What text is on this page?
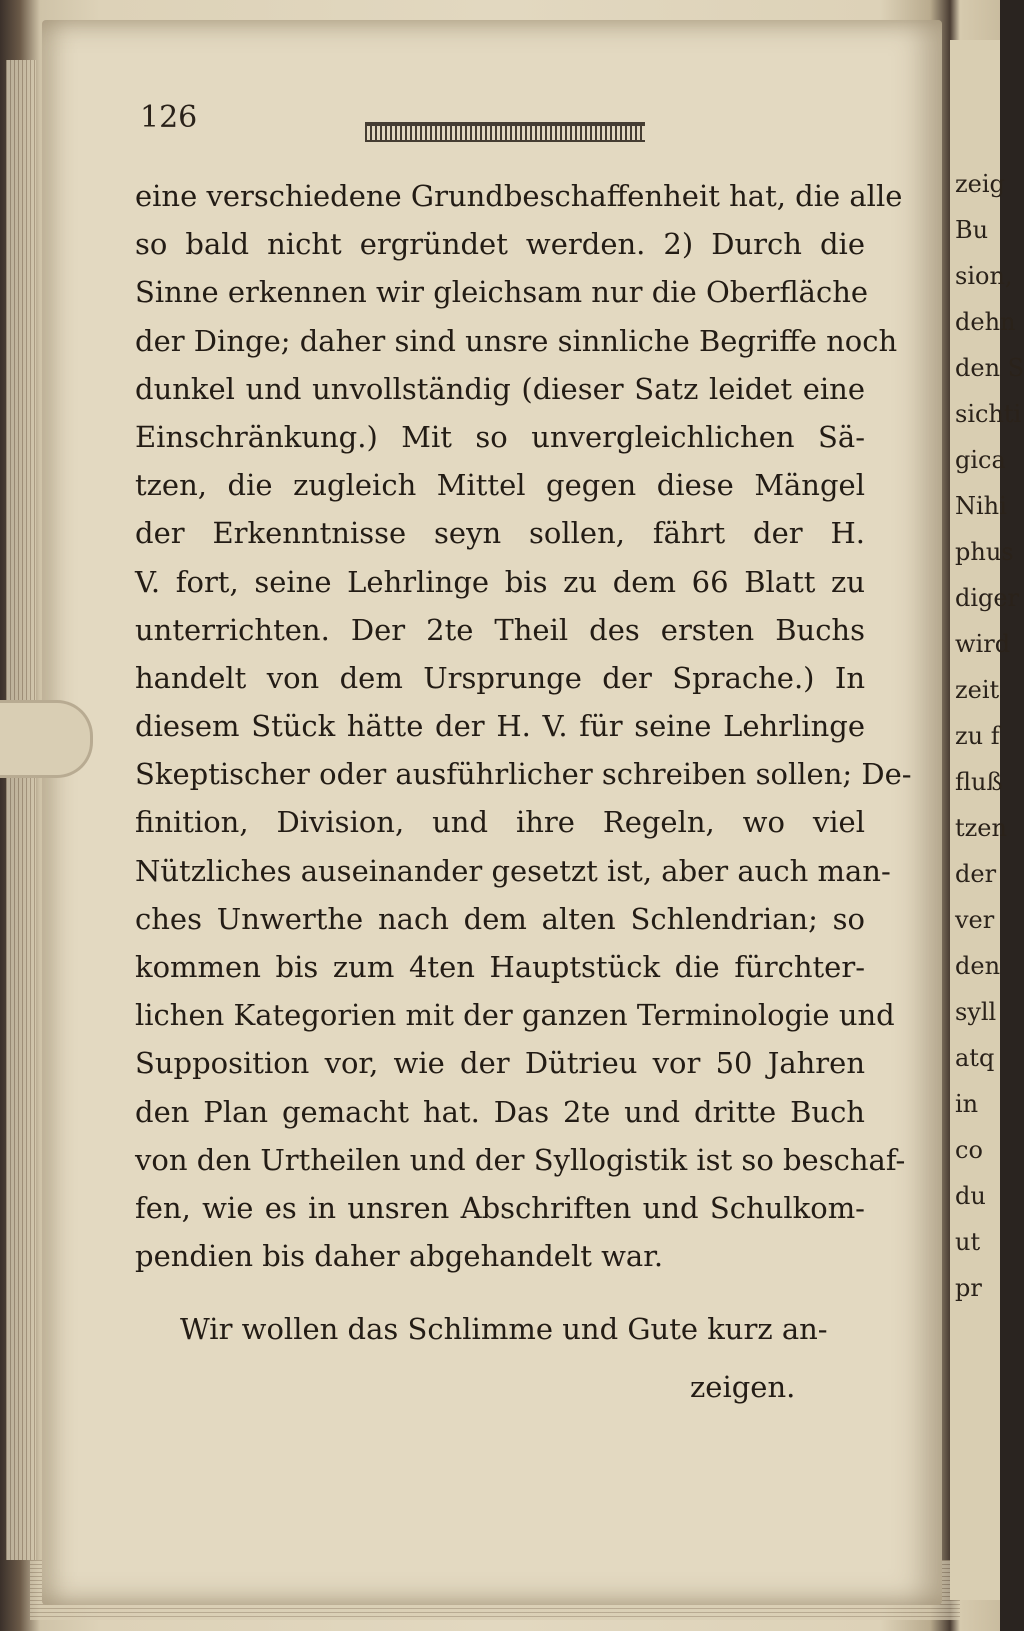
126
eine verschiedene Grundbeschaffenheit hat, die alle
so bald nicht ergründet werden. 2) Durch die
Sinne erkennen wir gleichsam nur die Oberfläche
der Dinge; daher sind unsre sinnliche Begriffe noch
dunkel und unvollständig (dieser Satz leidet eine
Einschränkung.) Mit so unvergleichlichen Sä-
tzen, die zugleich Mittel gegen diese Mängel
der Erkenntnisse seyn sollen, fährt der H.
V. fort, seine Lehrlinge bis zu dem 66 Blatt zu
unterrichten. Der 2te Theil des ersten Buchs
handelt von dem Ursprunge der Sprache.) In
diesem Stück hätte der H. V. für seine Lehrlinge
Skeptischer oder ausführlicher schreiben sollen; De-
finition, Division, und ihre Regeln, wo viel
Nützliches auseinander gesetzt ist, aber auch man-
ches Unwerthe nach dem alten Schlendrian; so
kommen bis zum 4ten Hauptstück die fürchter-
lichen Kategorien mit der ganzen Terminologie und
Supposition vor, wie der Dütrieu vor 50 Jahren
den Plan gemacht hat. Das 2te und dritte Buch
von den Urtheilen und der Syllogistik ist so beschaf-
fen, wie es in unsren Abschriften und Schulkom-
pendien bis daher abgehandelt war.
Wir wollen das Schlimme und Gute kurz an-
zeigen.
zeig
Bu
sion,
dehn
den S
sichti
gica
Nihi
phus
diger
wird
zeit
zu f
fluß
tzen
der
ver
den
syll
atq
in
co
du
ut
pr
